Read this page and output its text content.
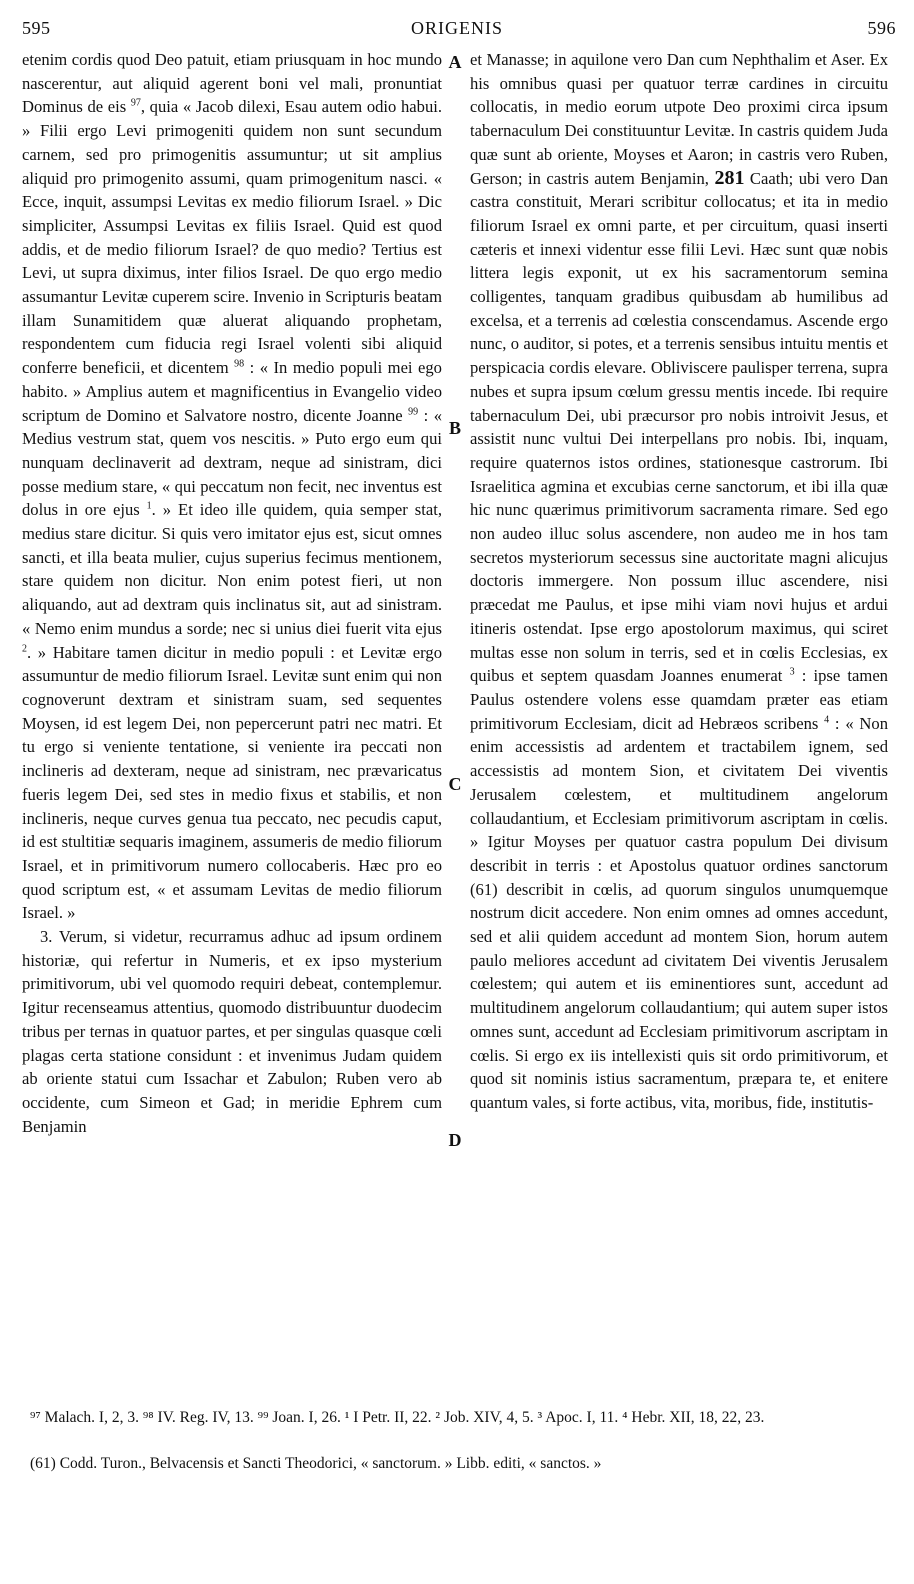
595	ORIGENIS	596

etenim cordis quod Deo patuit, etiam priusquam in hoc mundo nascerentur, aut aliquid agerent boni vel mali, pronuntiat Dominus de eis $^{97}$, quia « Jacob dilexi, Esau autem odio habui. » Filii ergo Levi primogeniti quidem non sunt secundum carnem, sed pro primogenitis assumuntur; ut sit amplius aliquid pro primogenito assumi, quam primogenitum nasci. « Ecce, inquit, assumpsi Levitas ex medio filiorum Israel. » Dic simpliciter, Assumpsi Levitas ex filiis Israel. Quid est quod addis, et de medio filiorum Israel? de quo medio? Tertius est Levi, ut supra diximus, inter filios Israel. De quo ergo medio assumantur Levitæ cuperem scire. Invenio in Scripturis beatam illam Sunamitidem quæ aluerat aliquando prophetam, respondentem cum fiducia regi Israel volenti sibi aliquid conferre beneficii, et dicentem $^{98}$ : « In medio populi mei ego habito. » Amplius autem et magnificentius in Evangelio video scriptum de Domino et Salvatore nostro, dicente Joanne $^{99}$ : « Medius vestrum stat, quem vos nescitis. » Puto ergo eum qui nunquam declinaverit ad dextram, neque ad sinistram, dici posse medium stare, « qui peccatum non fecit, nec inventus est dolus in ore ejus $^1$. » Et ideo ille quidem, quia semper stat, medius stare dicitur. Si quis vero imitator ejus est, sicut omnes sancti, et illa beata mulier, cujus superius fecimus mentionem, stare quidem non dicitur. Non enim potest fieri, ut non aliquando, aut ad dextram quis inclinatus sit, aut ad sinistram. « Nemo enim mundus a sorde; nec si unius diei fuerit vita ejus $^2$. » Habitare tamen dicitur in medio populi : et Levitæ ergo assumuntur de medio filiorum Israel. Levitæ sunt enim qui non cognoverunt dextram et sinistram suam, sed sequentes Moysen, id est legem Dei, non pepercerunt patri nec matri. Et tu ergo si veniente tentatione, si veniente ira peccati non inclineris ad dexteram, neque ad sinistram, nec prævaricatus fueris legem Dei, sed stes in medio fixus et stabilis, et non inclineris, neque curves genua tua peccato, nec pecudis caput, id est stultitiæ sequaris imaginem, assumeris de medio filiorum Israel, et in primitivorum numero collocaberis. Hæc pro eo quod scriptum est, « et assumam Levitas de medio filiorum Israel. »

3. Verum, si videtur, recurramus adhuc ad ipsum ordinem historiæ, qui refertur in Numeris, et ex ipso mysterium primitivorum, ubi vel quomodo requiri debeat, contemplemur. Igitur recenseamus attentius, quomodo distribuuntur duodecim tribus per ternas in quatuor partes, et per singulas quasque cœli plagas certa statione considunt : et invenimus Judam quidem ab oriente statui cum Issachar et Zabulon; Ruben vero ab occidente, cum Simeon et Gad; in meridie Ephrem cum Benjamin

A
B
C
D

et Manasse; in aquilone vero Dan cum Nephthalim et Aser. Ex his omnibus quasi per quatuor terræ cardines in circuitu collocatis, in medio eorum utpote Deo proximi circa ipsum tabernaculum Dei constituuntur Levitæ. In castris quidem Juda quæ sunt ab oriente, Moyses et Aaron; in castris vero Ruben, Gerson; in castris autem Benjamin, 281 Caath; ubi vero Dan castra constituit, Merari scribitur collocatus; et ita in medio filiorum Israel ex omni parte, et per circuitum, quasi inserti cæteris et innexi videntur esse filii Levi. Hæc sunt quæ nobis littera legis exponit, ut ex his sacramentorum semina colligentes, tanquam gradibus quibusdam ab humilibus ad excelsa, et a terrenis ad cœlestia conscendamus. Ascende ergo nunc, o auditor, si potes, et a terrenis sensibus intuitu mentis et perspicacia cordis elevare. Obliviscere paulisper terrena, supra nubes et supra ipsum cœlum gressu mentis incede. Ibi require tabernaculum Dei, ubi præcursor pro nobis introivit Jesus, et assistit nunc vultui Dei interpellans pro nobis. Ibi, inquam, require quaternos istos ordines, stationesque castrorum. Ibi Israelitica agmina et excubias cerne sanctorum, et ibi illa quæ hic nunc quærimus primitivorum sacramenta rimare. Sed ego non audeo illuc solus ascendere, non audeo me in hos tam secretos mysteriorum secessus sine auctoritate magni alicujus doctoris immergere. Non possum illuc ascendere, nisi præcedat me Paulus, et ipse mihi viam novi hujus et ardui itineris ostendat. Ipse ergo apostolorum maximus, qui sciret multas esse non solum in terris, sed et in cœlis Ecclesias, ex quibus et septem quasdam Joannes enumerat $^3$ : ipse tamen Paulus ostendere volens esse quamdam præter eas etiam primitivorum Ecclesiam, dicit ad Hebræos scribens $^4$ : « Non enim accessistis ad ardentem et tractabilem ignem, sed accessistis ad montem Sion, et civitatem Dei viventis Jerusalem cœlestem, et multitudinem angelorum collaudantium, et Ecclesiam primitivorum ascriptam in cœlis. » Igitur Moyses per quatuor castra populum Dei divisum describit in terris : et Apostolus quatuor ordines sanctorum (61) describit in cœlis, ad quorum singulos unumquemque nostrum dicit accedere. Non enim omnes ad omnes accedunt, sed et alii quidem accedunt ad montem Sion, horum autem paulo meliores accedunt ad civitatem Dei viventis Jerusalem cœlestem; qui autem et iis eminentiores sunt, accedunt ad multitudinem angelorum collaudantium; qui autem super istos omnes sunt, accedunt ad Ecclesiam primitivorum ascriptam in cœlis. Si ergo ex iis intellexisti quis sit ordo primitivorum, et quod sit nominis istius sacramentum, præpara te, et enitere quantum vales, si forte actibus, vita, moribus, fide, institutis-

⁹⁷ Malach. I, 2, 3. ⁹⁸ IV. Reg. IV, 13. ⁹⁹ Joan. I, 26. ¹ I Petr. II, 22. ² Job. XIV, 4, 5. ³ Apoc. I, 11. ⁴ Hebr. XII, 18, 22, 23.
(61) Codd. Turon., Belvacensis et Sancti Theodorici, « sanctorum. » Libb. editi, « sanctos. »
